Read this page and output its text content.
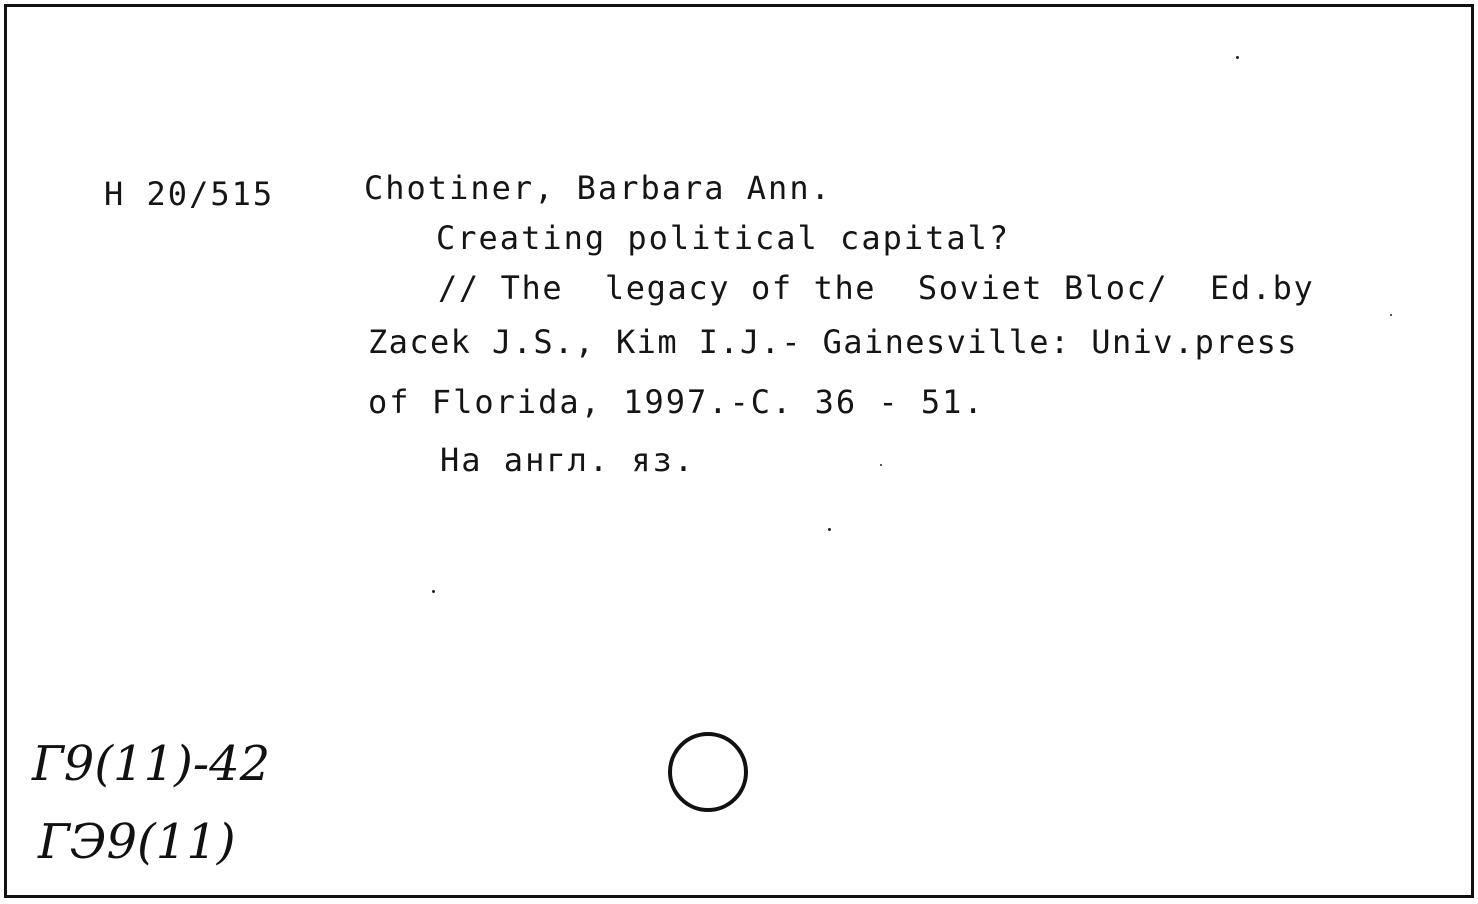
H 20/515	Chotiner, Barbara Ann.
Creating political capital?
// The  legacy of the  Soviet Bloc/  Ed.by
Zacek J.S., Kim I.J.- Gainesville: Univ.press
of Florida, 1997.-C. 36 - 51.
На англ. яз.
Г9(11)-42
ГЭ9(11)
